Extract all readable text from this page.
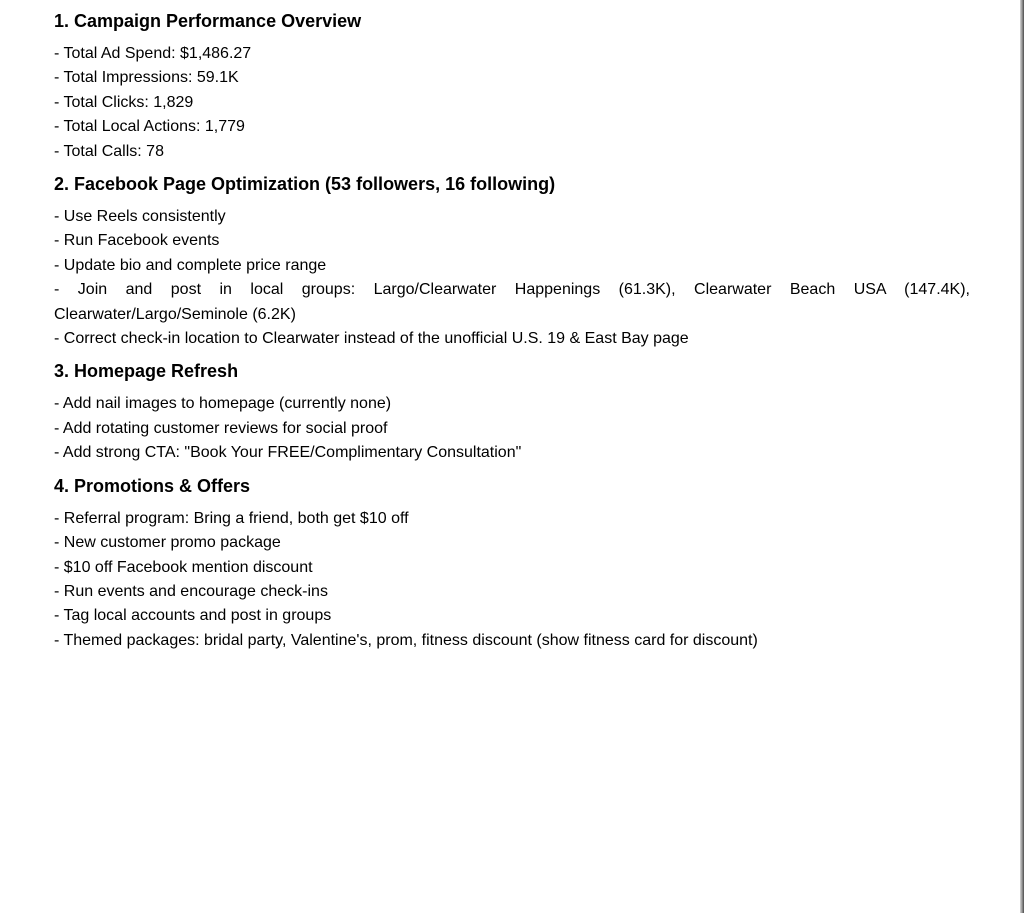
1. Campaign Performance Overview
- Total Ad Spend: $1,486.27
- Total Impressions: 59.1K
- Total Clicks: 1,829
- Total Local Actions: 1,779
- Total Calls: 78
2. Facebook Page Optimization (53 followers, 16 following)
- Use Reels consistently
- Run Facebook events
- Update bio and complete price range
- Join and post in local groups: Largo/Clearwater Happenings (61.3K), Clearwater Beach USA (147.4K), Clearwater/Largo/Seminole (6.2K)
- Correct check-in location to Clearwater instead of the unofficial U.S. 19 & East Bay page
3. Homepage Refresh
- Add nail images to homepage (currently none)
- Add rotating customer reviews for social proof
- Add strong CTA: "Book Your FREE/Complimentary Consultation"
4. Promotions & Offers
- Referral program: Bring a friend, both get $10 off
- New customer promo package
- $10 off Facebook mention discount
- Run events and encourage check-ins
- Tag local accounts and post in groups
- Themed packages: bridal party, Valentine's, prom, fitness discount (show fitness card for discount)
